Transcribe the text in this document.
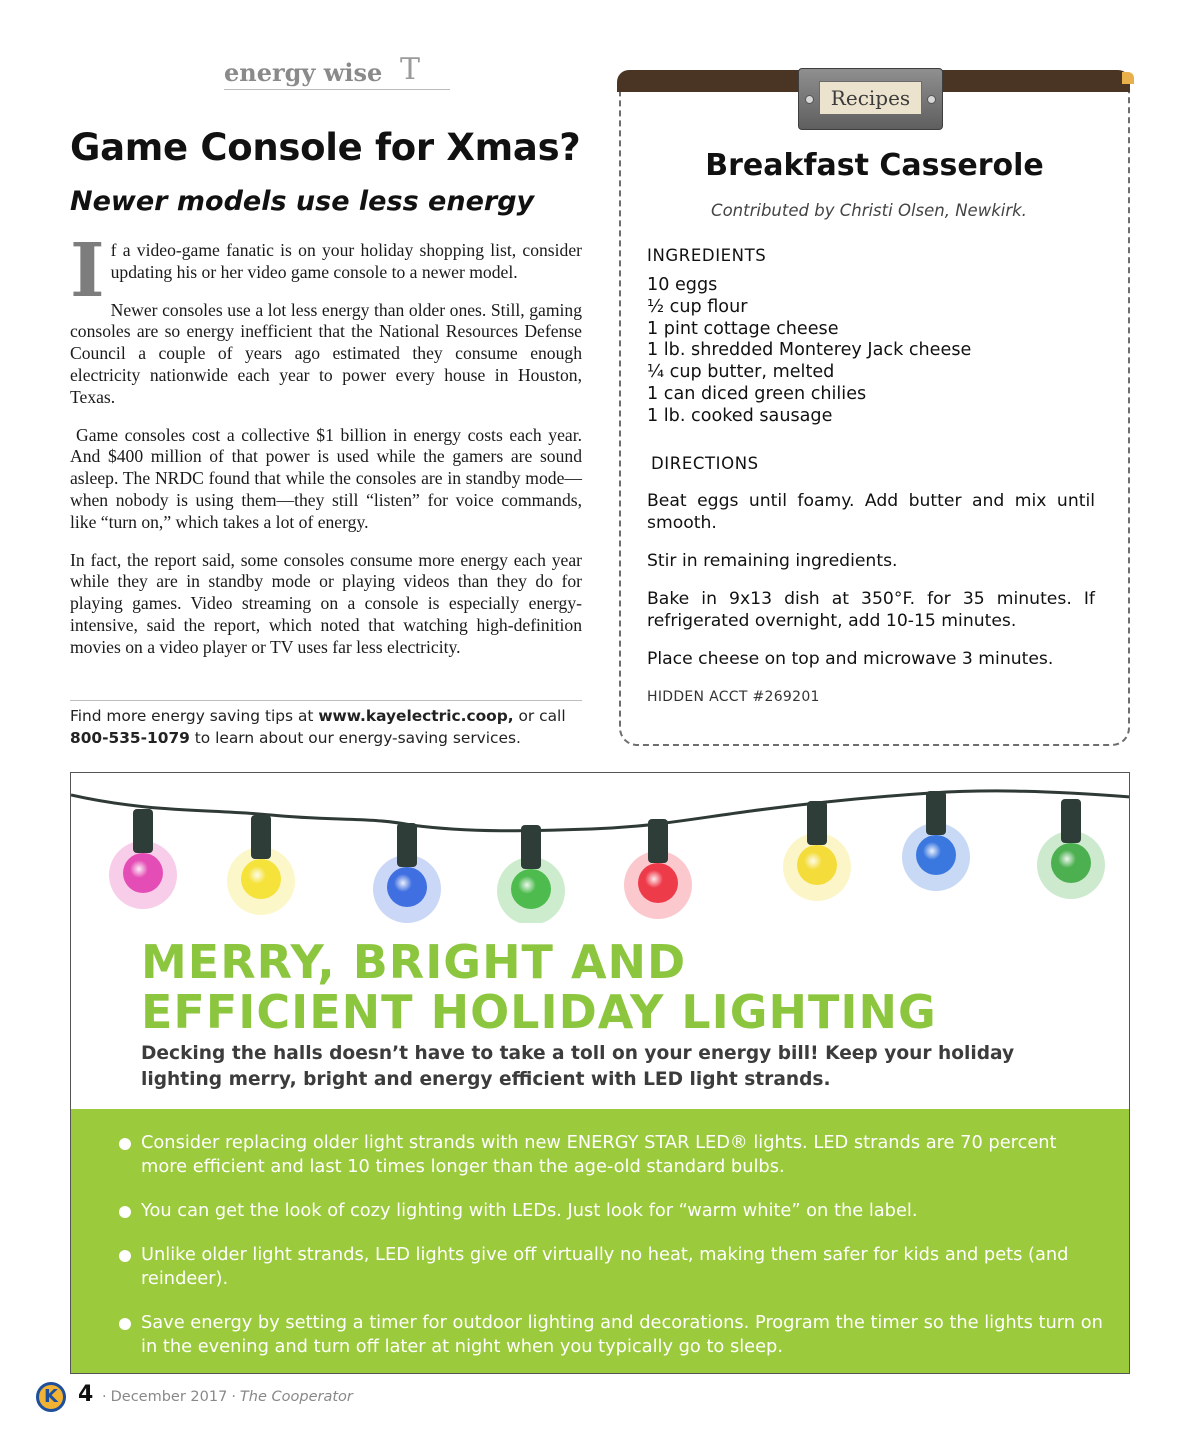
energy wise T
Game Console for Xmas?
Newer models use less energy

If a video-game fanatic is on your holiday shopping list, consider updating his or her video game console to a newer model.

Newer consoles use a lot less energy than older ones. Still, gaming consoles are so energy inefficient that the National Resources Defense Council a couple of years ago estimated they consume enough electricity nationwide each year to power every house in Houston, Texas.

Game consoles cost a collective $1 billion in energy costs each year. And $400 million of that power is used while the gamers are sound asleep. The NRDC found that while the consoles are in standby mode—when nobody is using them—they still “listen” for voice commands, like “turn on,” which takes a lot of energy.

In fact, the report said, some consoles consume more energy each year while they are in standby mode or playing videos than they do for playing games. Video streaming on a console is especially energy-intensive, said the report, which noted that watching high-definition movies on a video player or TV uses far less electricity.

Find more energy saving tips at www.kayelectric.coop, or call 800-535-1079 to learn about our energy-saving services.
Recipes
Breakfast Casserole
Contributed by Christi Olsen, Newkirk.
INGREDIENTS
10 eggs
½ cup flour
1 pint cottage cheese
1 lb. shredded Monterey Jack cheese
¼ cup butter, melted
1 can diced green chilies
1 lb. cooked sausage
DIRECTIONS

Beat eggs until foamy. Add butter and mix until smooth.

Stir in remaining ingredients.

Bake in 9x13 dish at 350°F. for 35 minutes. If refrigerated overnight, add 10-15 minutes.

Place cheese on top and microwave 3 minutes.

HIDDEN ACCT #269201
MERRY, BRIGHT AND
EFFICIENT HOLIDAY LIGHTING
Decking the halls doesn’t have to take a toll on your energy bill! Keep your holiday lighting merry, bright and energy efficient with LED light strands.
Consider replacing older light strands with new ENERGY STAR LED® lights. LED strands are 70 percent more efficient and last 10 times longer than the age-old standard bulbs.
You can get the look of cozy lighting with LEDs. Just look for “warm white” on the label.
Unlike older light strands, LED lights give off virtually no heat, making them safer for kids and pets (and reindeer).
Save energy by setting a timer for outdoor lighting and decorations. Program the timer so the lights turn on in the evening and turn off later at night when you typically go to sleep.
K 4 · December 2017 · The Cooperator
